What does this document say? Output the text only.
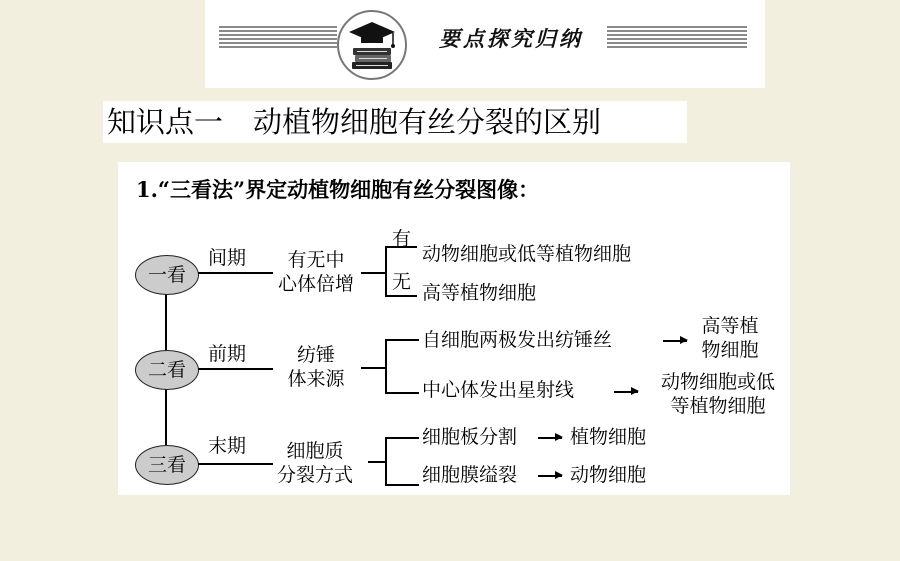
要点探究归纳
知识点一 动植物细胞有丝分裂的区别
1.“三看法”界定动植物细胞有丝分裂图像：
一看
间期	有无中
心体倍增
有
无
动物细胞或低等植物细胞
高等植物细胞
二看
前期	纺锤
体来源
自细胞两极发出纺锤丝
高等植
物细胞
中心体发出星射线	动物细胞或低
等植物细胞
三看
末期	细胞质
分裂方式
细胞板分割	植物细胞
细胞膜缢裂	动物细胞
